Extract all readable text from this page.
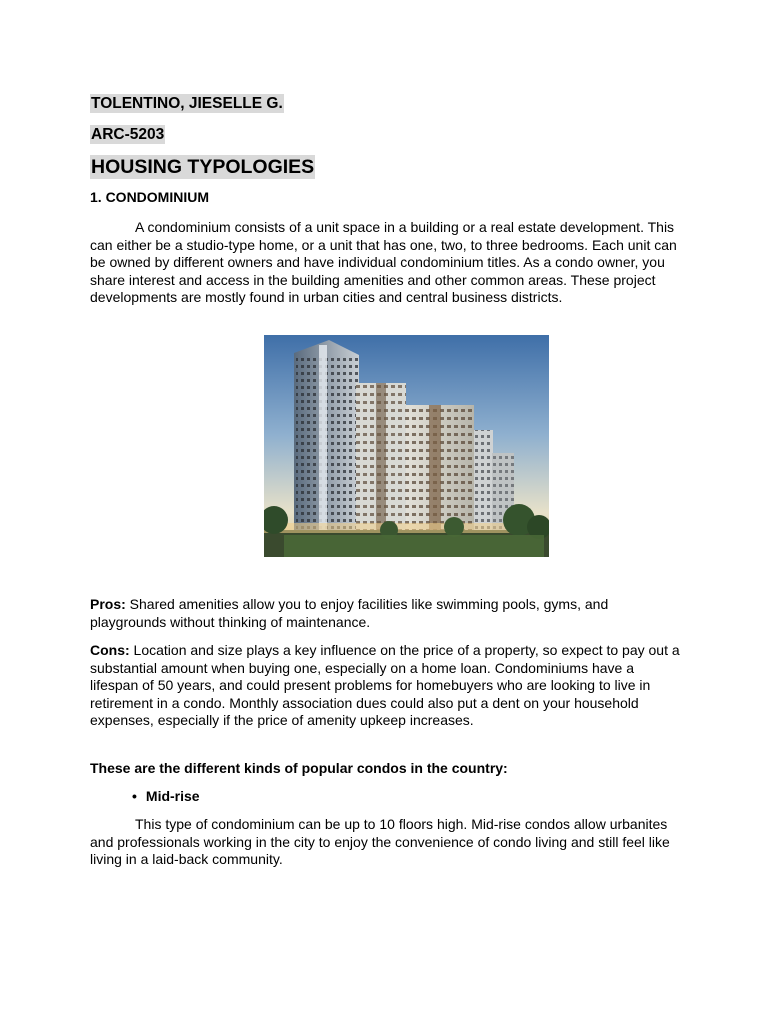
TOLENTINO, JIESELLE G.
ARC-5203
HOUSING TYPOLOGIES
1. CONDOMINIUM
A condominium consists of a unit space in a building or a real estate development. This can either be a studio-type home, or a unit that has one, two, to three bedrooms. Each unit can be owned by different owners and have individual condominium titles. As a condo owner, you share interest and access in the building amenities and other common areas. These project developments are mostly found in urban cities and central business districts.
Pros: Shared amenities allow you to enjoy facilities like swimming pools, gyms, and playgrounds without thinking of maintenance.
Cons: Location and size plays a key influence on the price of a property, so expect to pay out a substantial amount when buying one, especially on a home loan. Condominiums have a lifespan of 50 years, and could present problems for homebuyers who are looking to live in retirement in a condo. Monthly association dues could also put a dent on your household expenses, especially if the price of amenity upkeep increases.
These are the different kinds of popular condos in the country:
• Mid-rise
This type of condominium can be up to 10 floors high. Mid-rise condos allow urbanites and professionals working in the city to enjoy the convenience of condo living and still feel like living in a laid-back community.
